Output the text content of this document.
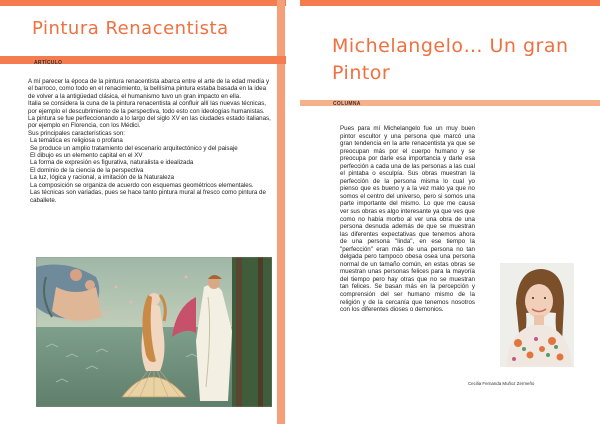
Pintura Renacentista
ARTÍCULO

A mí parecer la época de la pintura renacentista abarca entre el arte de la edad medía y el barroco, como todo en el renacimiento, la bellísima pintura estaba basada en la idea de volver a la antigüedad clásica, el humanismo tuvo un gran impacto en ella.

Italia se considera la cuna de la pintura renacentista al confluir allí las nuevas técnicas, por ejemplo el descubrimiento de la perspectiva, todo esto con ideologías humanistas.

La pintura se fue perfeccionando a lo largo del siglo XV en las ciudades estado italianas, por ejemplo en Florencia, con los Médici.

Sus principales características son:

La temática es religiosa o profana

Se produce un amplio tratamiento del escenario arquitectónico y del paisaje

El dibujo es un elemento capital en el XV

La forma de expresión es figurativa, naturalista e idealizada

El dominio de la ciencia de la perspectiva

La luz, lógica y racional, a imitación de la Naturaleza

La composición se organiza de acuerdo con esquemas geométricos elementales.

Las técnicas son variadas, pues se hace tanto pintura mural al fresco como pintura de caballete.

Michelangelo… Un gran Pintor
COLUMNA
Pues para mí Michelangelo fue un muy buen pintor escultor y una persona que marcó una gran tendencia en la arte renacentista ya que se preocupan más por el cuerpo humano y se preocupa por darle esa importancia y darle esa perfección a cada una de las personas a las cual el pintaba o esculpía. Sus obras muestran la perfección de la persona misma lo cual yo pienso que es bueno y a la vez malo ya que no somos el centro del universo, pero si somos una parte importante del mismo. Lo que me causa ver sus obras es algo interesante ya que ves que como no había morbo al ver una obra de una persona desnuda además de que se muestran las diferentes expectativas que tenemos ahora de una persona "linda", en ese tiempo la "perfección" eran más de una persona no tan delgada pero tampoco obesa osea una persona normal de un tamaño común, en estas obras se muestran unas personas felices para la mayoría del tiempo pero hay otras que no se muestran tan felices. Se basan más en la percepción y comprensión del ser humano mismo de la religión y de la cercanía que tenemos nosotros con los diferentes dioses o demonios.
Cecilia Fernanda Muñoz Zermeño
